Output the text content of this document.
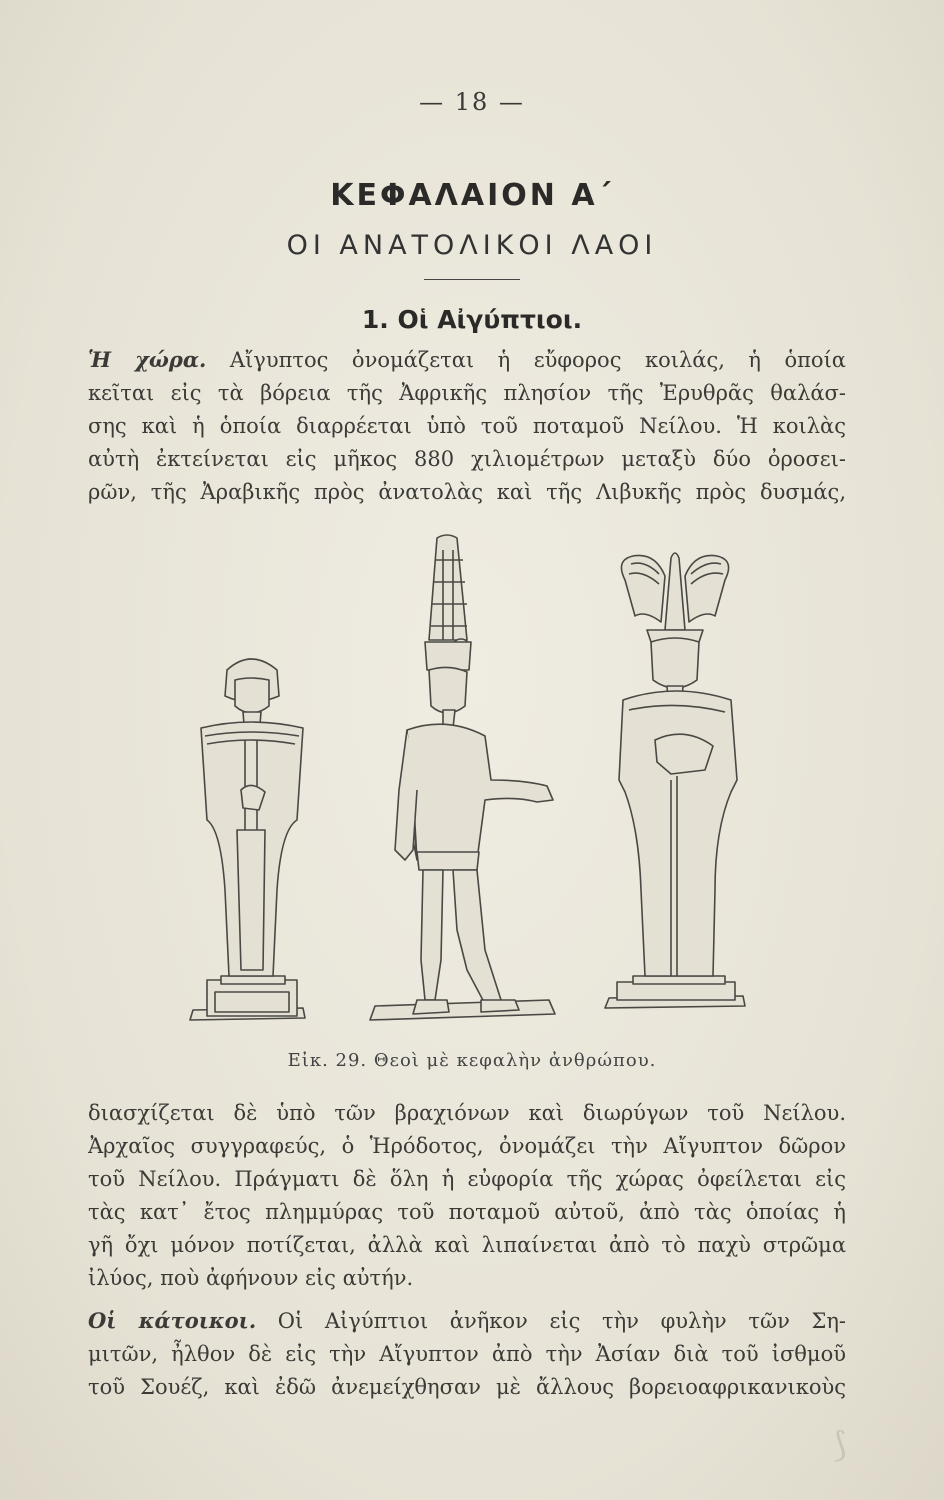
— 18 —
ΚΕΦΑΛΑΙΟΝ Α΄
ΟΙ ΑΝΑΤΟΛΙΚΟΙ ΛΑΟΙ
1. Οἱ Αἰγύπτιοι.
Ἡ χώρα. Αἴγυπτος ὀνομάζεται ἡ εὔφορος κοιλάς, ἡ ὁποία
κεῖται εἰς τὰ βόρεια τῆς Ἀφρικῆς πλησίον τῆς Ἐρυθρᾶς θαλάσ-
σης καὶ ἡ ὁποία διαρρέεται ὑπὸ τοῦ ποταμοῦ Νείλου. Ἡ κοιλὰς
αὐτὴ ἐκτείνεται εἰς μῆκος 880 χιλιομέτρων μεταξὺ δύο ὀροσει-
ρῶν, τῆς Ἀραβικῆς πρὸς ἀνατολὰς καὶ τῆς Λιβυκῆς πρὸς δυσμάς,
Εἰκ. 29. Θεοὶ μὲ κεφαλὴν ἀνθρώπου.
διασχίζεται δὲ ὑπὸ τῶν βραχιόνων καὶ διωρύγων τοῦ Νείλου.
Ἀρχαῖος συγγραφεύς, ὁ Ἡρόδοτος, ὀνομάζει τὴν Αἴγυπτον δῶρον
τοῦ Νείλου. Πράγματι δὲ ὅλη ἡ εὐφορία τῆς χώρας ὀφείλεται εἰς
τὰς κατ᾽ ἔτος πλημμύρας τοῦ ποταμοῦ αὐτοῦ, ἀπὸ τὰς ὁποίας ἡ
γῆ ὄχι μόνον ποτίζεται, ἀλλὰ καὶ λιπαίνεται ἀπὸ τὸ παχὺ στρῶμα
ἰλύος, ποὺ ἀφήνουν εἰς αὐτήν.
Οἱ κάτοικοι. Οἱ Αἰγύπτιοι ἀνῆκον εἰς τὴν φυλὴν τῶν Ση-
μιτῶν, ἦλθον δὲ εἰς τὴν Αἴγυπτον ἀπὸ τὴν Ἀσίαν διὰ τοῦ ἰσθμοῦ
τοῦ Σουέζ, καὶ ἐδῶ ἀνεμείχθησαν μὲ ἄλλους βορειοαφρικανικοὺς
⟆
